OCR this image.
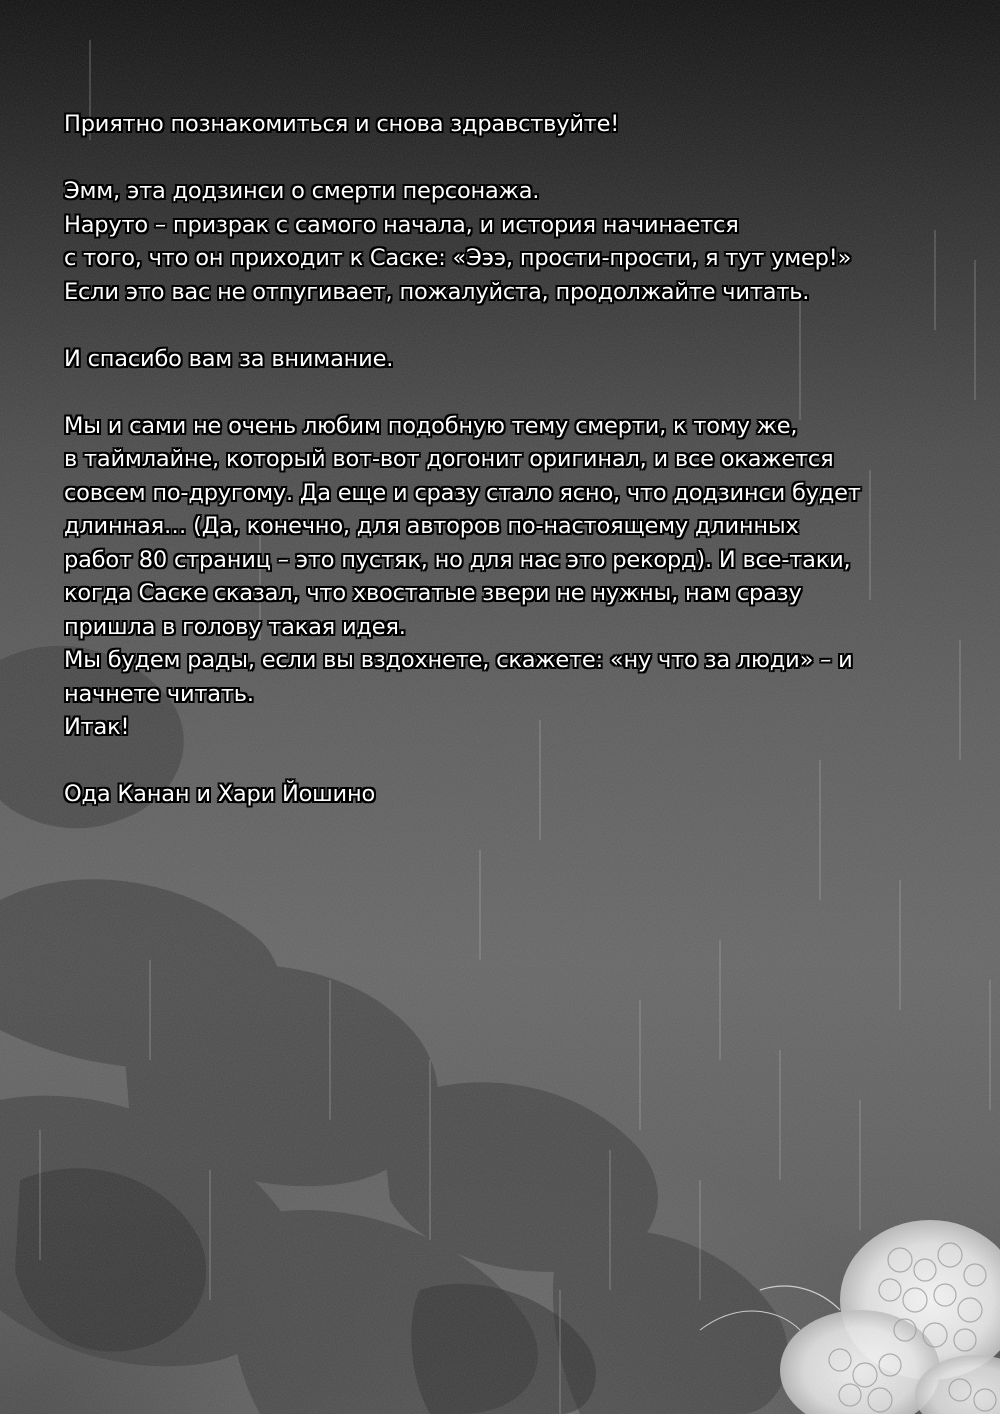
Приятно познакомиться и снова здравствуйте!
Эмм, эта додзинси о смерти персонажа.
Наруто – призрак с самого начала, и история начинается
с того, что он приходит к Саске: «Эээ, прости-прости, я тут умер!»
Если это вас не отпугивает, пожалуйста, продолжайте читать.
И спасибо вам за внимание.
Мы и сами не очень любим подобную тему смерти, к тому же,
в таймлайне, который вот-вот догонит оригинал, и все окажется
совсем по-другому. Да еще и сразу стало ясно, что додзинси будет
длинная… (Да, конечно, для авторов по-настоящему длинных
работ 80 страниц – это пустяк, но для нас это рекорд). И все-таки,
когда Саске сказал, что хвостатые звери не нужны, нам сразу
пришла в голову такая идея.
Мы будем рады, если вы вздохнете, скажете: «ну что за люди» – и
начнете читать.
Итак!
Ода Канан и Хари Йошино
